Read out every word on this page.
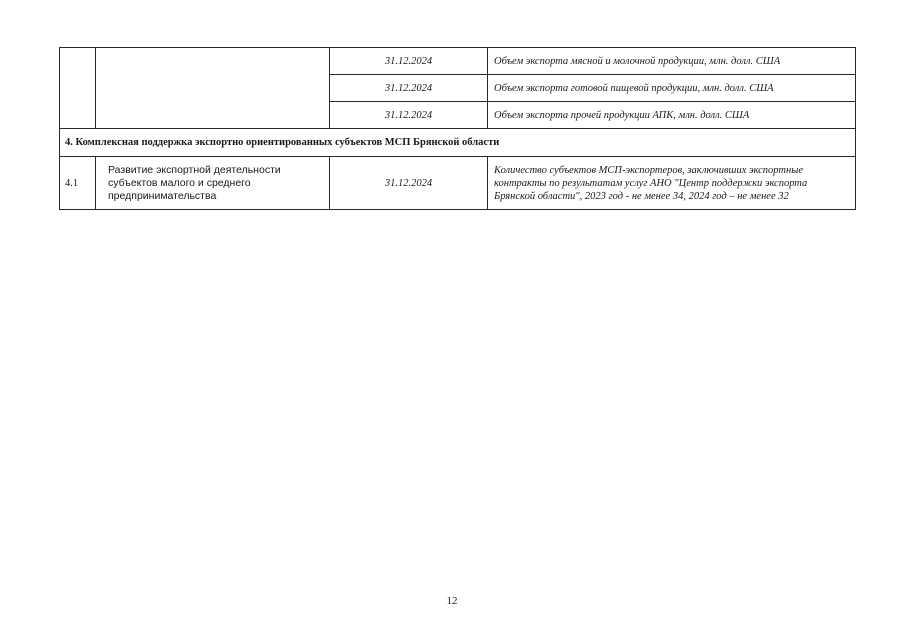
		31.12.2024	Объем экспорта мясной и молочной продукции, млн. долл. США
		31.12.2024	Объем экспорта готовой пищевой продукции, млн. долл. США
		31.12.2024	Объем экспорта прочей продукции АПК, млн. долл. США
4. Комплексная поддержка экспортно ориентированных субъектов МСП Брянской области			
4.1	Развитие экспортной деятельности субъектов малого и среднего предпринимательства	31.12.2024	Количество субъектов МСП-экспортеров, заключивших экспортные контракты по результатам услуг АНО "Центр поддержки экспорта Брянской области", 2023 год - не менее 34, 2024 год – не менее 32
12
